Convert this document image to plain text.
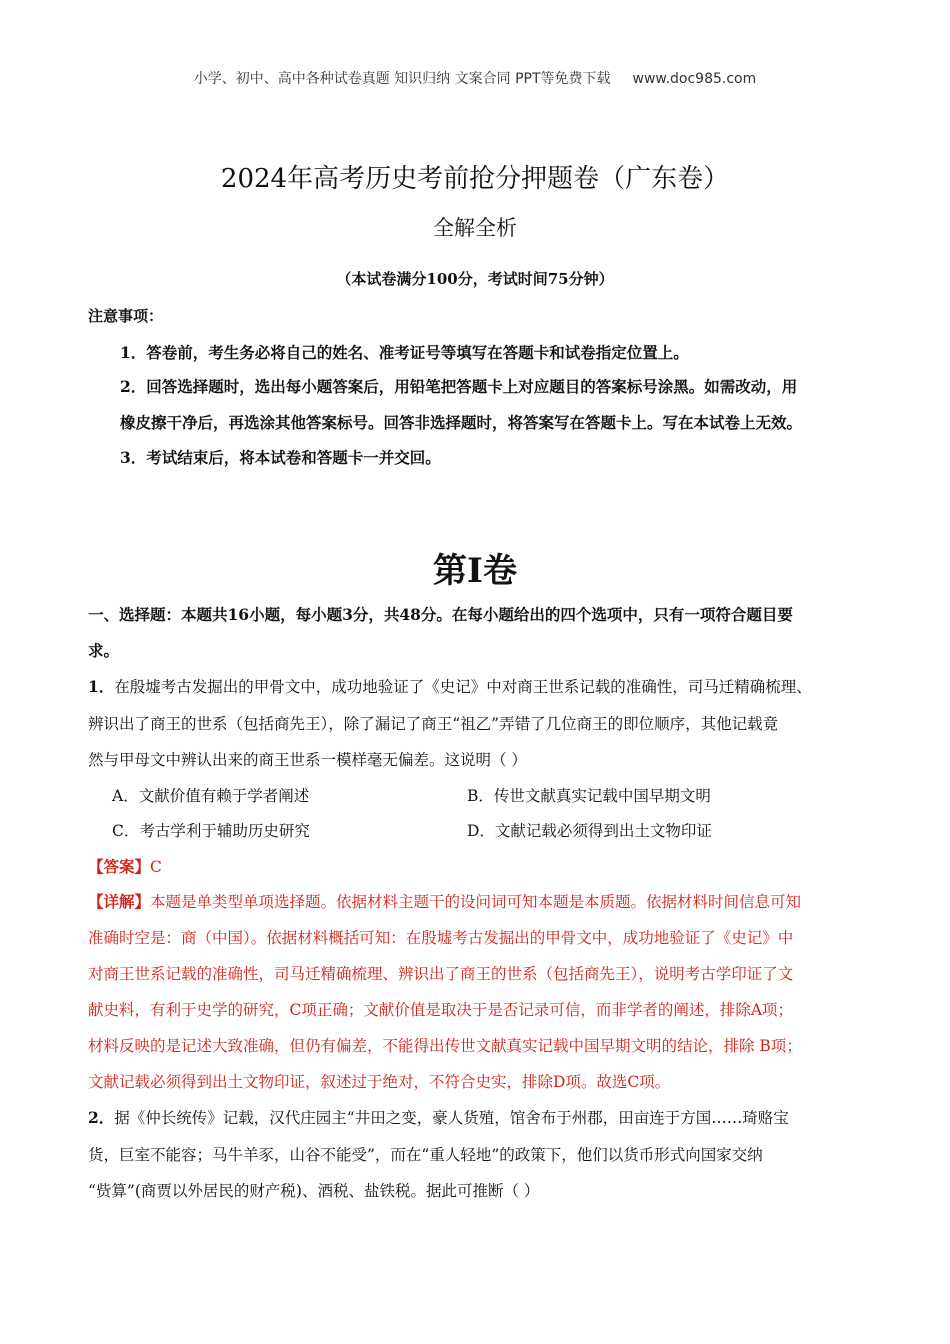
小学、初中、高中各种试卷真题 知识归纳 文案合同 PPT等免费下载 www.doc985.com
2024年高考历史考前抢分押题卷（广东卷）
全解全析
（本试卷满分100分，考试时间75分钟）
注意事项：
1．答卷前，考生务必将自己的姓名、准考证号等填写在答题卡和试卷指定位置上。
2．回答选择题时，选出每小题答案后，用铅笔把答题卡上对应题目的答案标号涂黑。如需改动，用
橡皮擦干净后，再选涂其他答案标号。回答非选择题时，将答案写在答题卡上。写在本试卷上无效。
3．考试结束后，将本试卷和答题卡一并交回。
第Ⅰ卷
一、选择题：本题共16小题，每小题3分，共48分。在每小题给出的四个选项中，只有一项符合题目要
求。
1．在殷墟考古发掘出的甲骨文中，成功地验证了《史记》中对商王世系记载的准确性，司马迁精确梳理、
辨识出了商王的世系（包括商先王），除了漏记了商王“祖乙”弄错了几位商王的即位顺序，其他记载竟
然与甲母文中辨认出来的商王世系一模样毫无偏差。这说明（ ）
A．文献价值有赖于学者阐述	B．传世文献真实记载中国早期文明
C．考古学利于辅助历史研究	D．文献记载必须得到出土文物印证
【答案】C
【详解】本题是单类型单项选择题。依据材料主题干的设问词可知本题是本质题。依据材料时间信息可知
准确时空是：商（中国）。依据材料概括可知：在殷墟考古发掘出的甲骨文中，成功地验证了《史记》中
对商王世系记载的准确性，司马迁精确梳理、辨识出了商王的世系（包括商先王），说明考古学印证了文
献史料，有利于史学的研究，C项正确；文献价值是取决于是否记录可信，而非学者的阐述，排除A项；
材料反映的是记述大致准确，但仍有偏差，不能得出传世文献真实记载中国早期文明的结论，排除 B项；
文献记载必须得到出土文物印证，叙述过于绝对，不符合史实，排除D项。故选C项。
2．据《仲长统传》记载，汉代庄园主“井田之变，豪人货殖，馆舍布于州郡，田亩连于方国……琦赂宝
货，巨室不能容；马牛羊豕，山谷不能受”，而在“重人轻地”的政策下，他们以货币形式向国家交纳
“赀算”(商贾以外居民的财产税)、酒税、盐铁税。据此可推断（ ）
